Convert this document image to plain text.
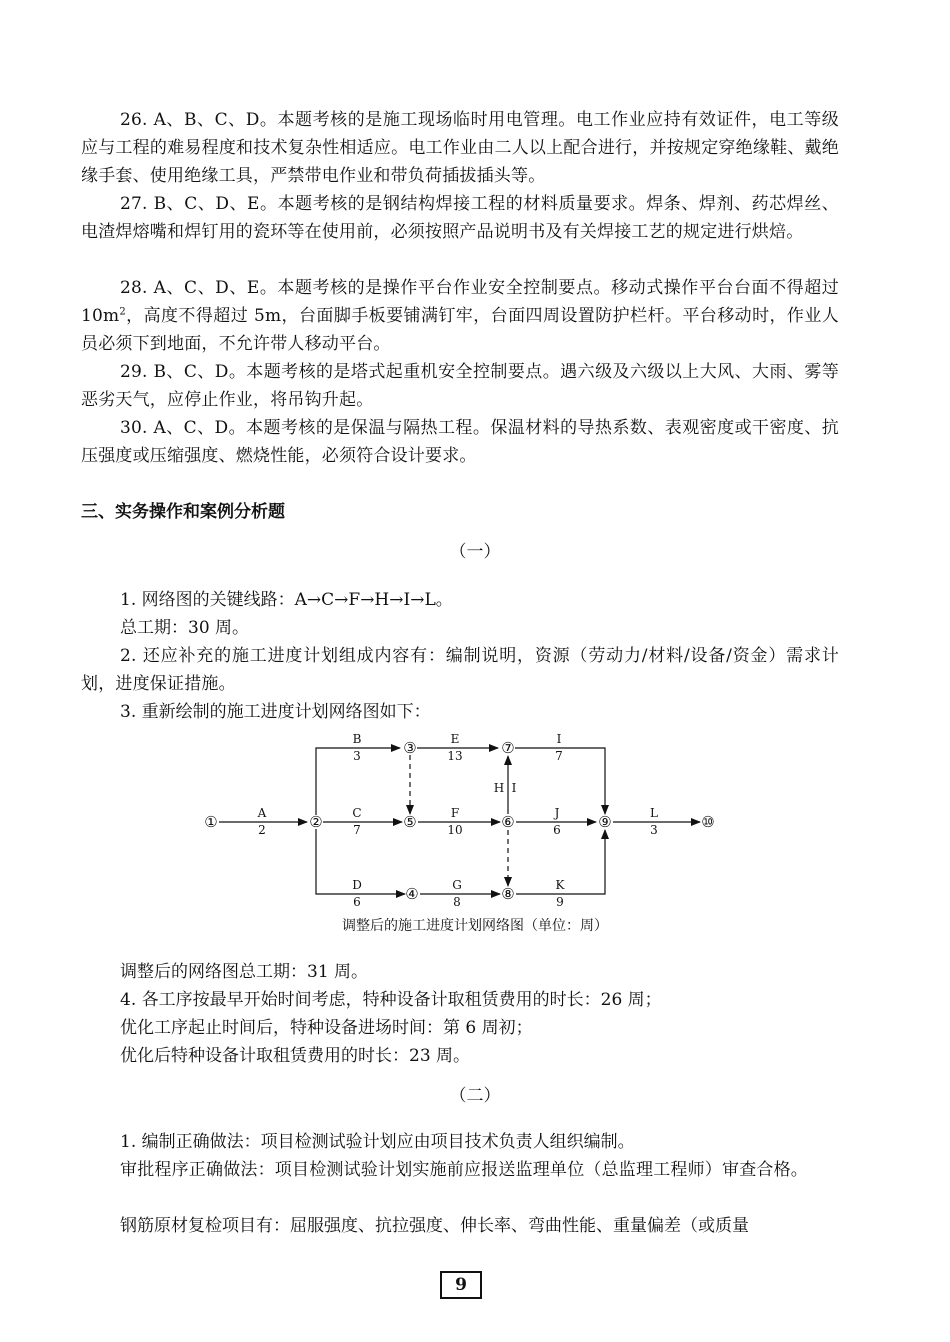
26. A、B、C、D。本题考核的是施工现场临时用电管理。电工作业应持有效证件，电工等级应与工程的难易程度和技术复杂性相适应。电工作业由二人以上配合进行，并按规定穿绝缘鞋、戴绝缘手套、使用绝缘工具，严禁带电作业和带负荷插拔插头等。

27. B、C、D、E。本题考核的是钢结构焊接工程的材料质量要求。焊条、焊剂、药芯焊丝、电渣焊熔嘴和焊钉用的瓷环等在使用前，必须按照产品说明书及有关焊接工艺的规定进行烘焙。

28. A、C、D、E。本题考核的是操作平台作业安全控制要点。移动式操作平台台面不得超过 $10m^2$，高度不得超过 5m，台面脚手板要铺满钉牢，台面四周设置防护栏杆。平台移动时，作业人员必须下到地面，不允许带人移动平台。

29. B、C、D。本题考核的是塔式起重机安全控制要点。遇六级及六级以上大风、大雨、雾等恶劣天气，应停止作业，将吊钩升起。

30. A、C、D。本题考核的是保温与隔热工程。保温材料的导热系数、表观密度或干密度、抗压强度或压缩强度、燃烧性能，必须符合设计要求。

三、实务操作和案例分析题

（一）

1. 网络图的关键线路：A→C→F→H→I→L。

总工期：30 周。

2. 还应补充的施工进度计划组成内容有：编制说明，资源（劳动力/材料/设备/资金）需求计划，进度保证措施。

3. 重新绘制的施工进度计划网络图如下：

①	②
③
④
⑤	⑥
⑦
⑧
⑨	⑩
A
2
B
3
C
7
D
6
E
13
F
10
G
8
H I
I
7
J
6
K
9
L
3

调整后的施工进度计划网络图（单位：周）

调整后的网络图总工期：31 周。

4. 各工序按最早开始时间考虑，特种设备计取租赁费用的时长：26 周；

优化工序起止时间后，特种设备进场时间：第 6 周初；

优化后特种设备计取租赁费用的时长：23 周。

（二）

1. 编制正确做法：项目检测试验计划应由项目技术负责人组织编制。

审批程序正确做法：项目检测试验计划实施前应报送监理单位（总监理工程师）审查合格。

钢筋原材复检项目有：屈服强度、抗拉强度、伸长率、弯曲性能、重量偏差（或质量

9
